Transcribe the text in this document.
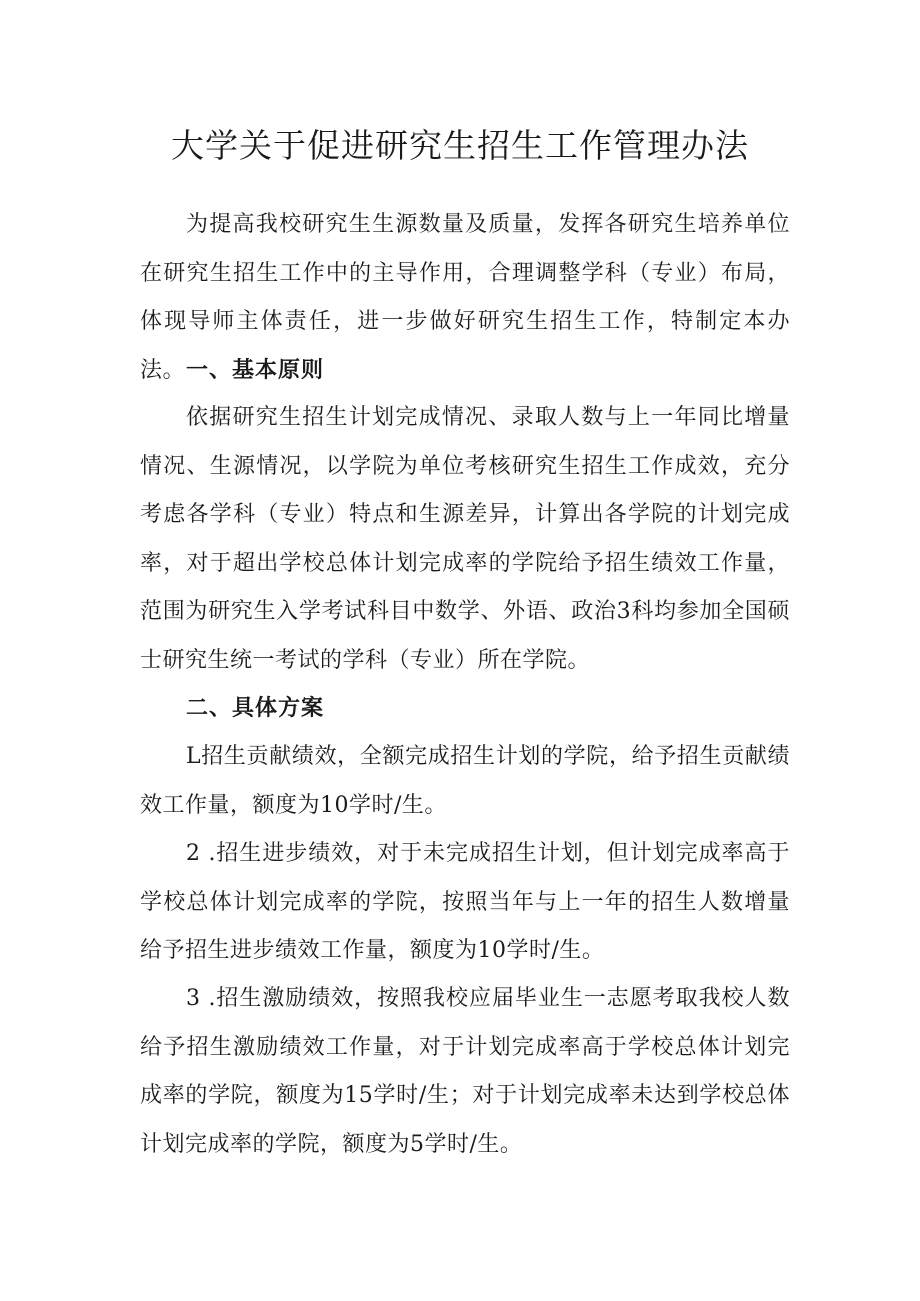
大学关于促进研究生招生工作管理办法

为提高我校研究生生源数量及质量，发挥各研究生培养单位在研究生招生工作中的主导作用，合理调整学科（专业）布局，体现导师主体责任，进一步做好研究生招生工作，特制定本办法。 一、基本原则

依据研究生招生计划完成情况、录取人数与上一年同比增量情况、生源情况，以学院为单位考核研究生招生工作成效，充分考虑各学科（专业）特点和生源差异，计算出各学院的计划完成率，对于超出学校总体计划完成率的学院给予招生绩效工作量，范围为研究生入学考试科目中数学、外语、政治3科均参加全国硕士研究生统一考试的学科（专业）所在学院。

二、具体方案

L招生贡献绩效，全额完成招生计划的学院，给予招生贡献绩效工作量，额度为10学时/生。

2 .招生进步绩效，对于未完成招生计划，但计划完成率高于学校总体计划完成率的学院，按照当年与上一年的招生人数增量给予招生进步绩效工作量，额度为10学时/生。

3 .招生激励绩效，按照我校应届毕业生一志愿考取我校人数给予招生激励绩效工作量，对于计划完成率高于学校总体计划完成率的学院，额度为15学时/生；对于计划完成率未达到学校总体计划完成率的学院，额度为5学时/生。
